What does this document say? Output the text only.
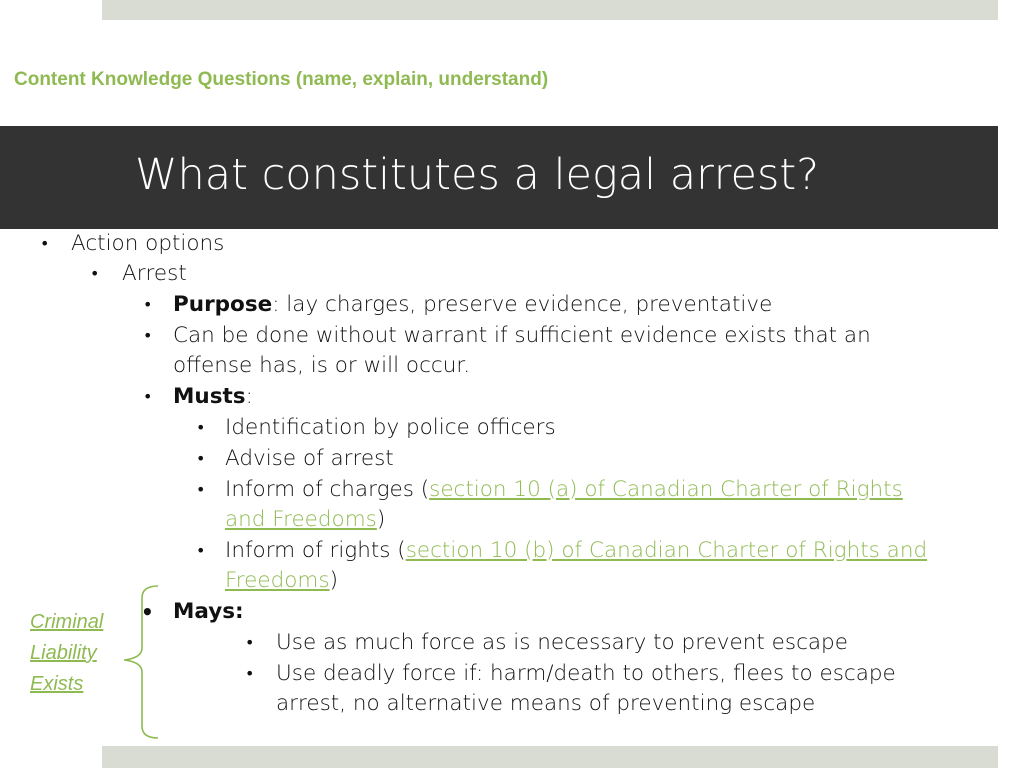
Content Knowledge Questions (name, explain, understand)
What constitutes a legal arrest?
• Action options
• Arrest
• Purpose: lay charges, preserve evidence, preventative
• Can be done without warrant if sufficient evidence exists that an
offense has, is or will occur.
• Musts:
• Identification by police officers
• Advise of arrest
• Inform of charges (section 10 (a) of Canadian Charter of Rights
and Freedoms)
• Inform of rights (section 10 (b) of Canadian Charter of Rights and
Freedoms)
• Mays:
• Use as much force as is necessary to prevent escape
• Use deadly force if: harm/death to others, flees to escape
arrest, no alternative means of preventing escape
Criminal
Liability
Exists
